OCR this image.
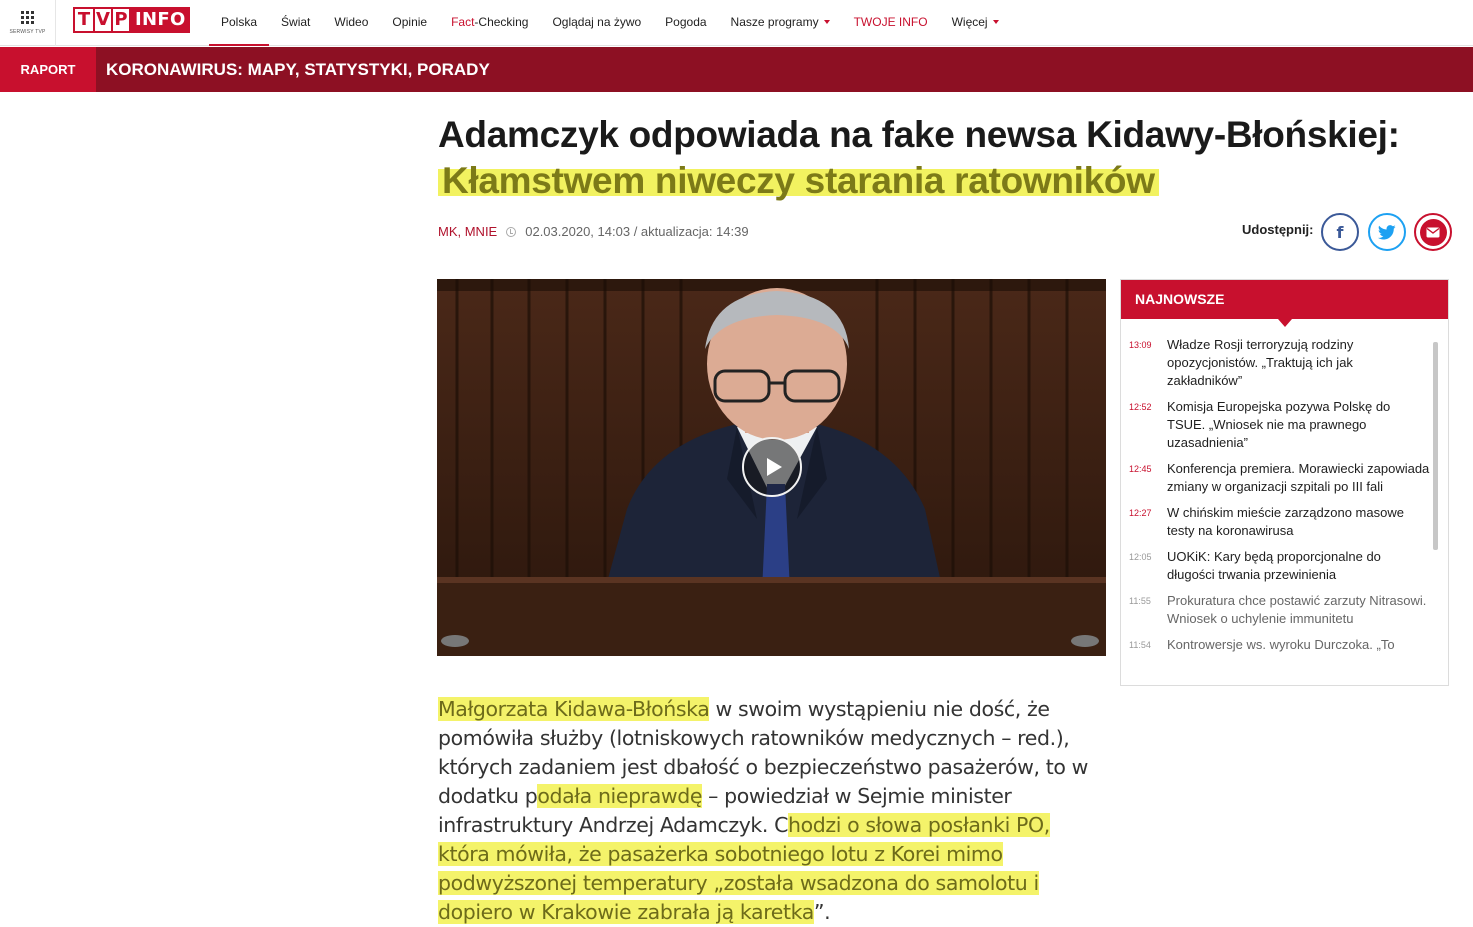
SERWISY TVP
T V P INFO	Polska	Świat	Wideo	Opinie	Fact-Checking	Oglądaj na żywo	Pogoda	Nasze programy	TWOJE INFO	Więcej
RAPORT	KORONAWIRUS: MAPY, STATYSTYKI, PORADY
Adamczyk odpowiada na fake newsa Kidawy-Błońskiej: Kłamstwem niweczy starania ratowników
MK, MNIE 02.03.2020, 14:03 / aktualizacja: 14:39	Udostępnij: f
Małgorzata Kidawa-Błońska w swoim wystąpieniu nie dość, że pomówiła służby (lotniskowych ratowników medycznych – red.), których zadaniem jest dbałość o bezpieczeństwo pasażerów, to w dodatku podała nieprawdę – powiedział w Sejmie minister infrastruktury Andrzej Adamczyk. Chodzi o słowa posłanki PO, która mówiła, że pasażerka sobotniego lotu z Korei mimo podwyższonej temperatury „została wsadzona do samolotu i dopiero w Krakowie zabrała ją karetka”.
NAJNOWSZE
13:09	Władze Rosji terroryzują rodziny opozycjonistów. „Traktują ich jak zakładników”
12:52	Komisja Europejska pozywa Polskę do TSUE. „Wniosek nie ma prawnego uzasadnienia”
12:45	Konferencja premiera. Morawiecki zapowiada zmiany w organizacji szpitali po III fali
12:27	W chińskim mieście zarządzono masowe testy na koronawirusa
12:05	UOKiK: Kary będą proporcjonalne do długości trwania przewinienia
11:55	Prokuratura chce postawić zarzuty Nitrasowi. Wniosek o uchylenie immunitetu
11:54	Kontrowersje ws. wyroku Durczoka. „To
